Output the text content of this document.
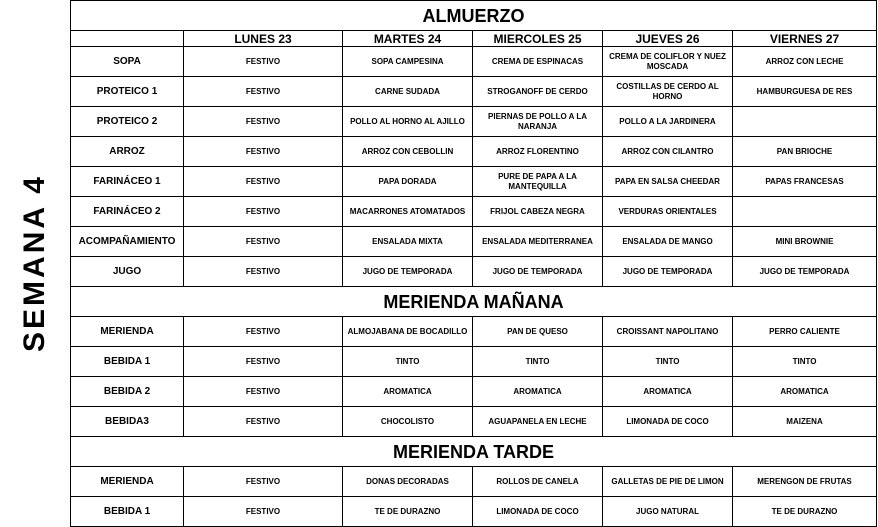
SEMANA 4
ALMUERZO					
	LUNES 23	MARTES 24	MIERCOLES 25	JUEVES 26	VIERNES 27
SOPA	FESTIVO	SOPA CAMPESINA	CREMA DE ESPINACAS	CREMA DE COLIFLOR Y NUEZ MOSCADA	ARROZ CON LECHE
PROTEICO 1	FESTIVO	CARNE SUDADA	STROGANOFF DE CERDO	COSTILLAS DE CERDO AL HORNO	HAMBURGUESA DE RES
PROTEICO 2	FESTIVO	POLLO AL HORNO AL AJILLO	PIERNAS DE POLLO A LA NARANJA	POLLO A LA JARDINERA	
ARROZ	FESTIVO	ARROZ CON CEBOLLIN	ARROZ FLORENTINO	ARROZ CON CILANTRO	PAN BRIOCHE
FARINÁCEO 1	FESTIVO	PAPA DORADA	PURE DE PAPA A LA MANTEQUILLA	PAPA EN SALSA CHEEDAR	PAPAS FRANCESAS
FARINÁCEO 2	FESTIVO	MACARRONES ATOMATADOS	FRIJOL CABEZA NEGRA	VERDURAS ORIENTALES	
ACOMPAÑAMIENTO	FESTIVO	ENSALADA MIXTA	ENSALADA MEDITERRANEA	ENSALADA DE MANGO	MINI BROWNIE
JUGO	FESTIVO	JUGO DE TEMPORADA	JUGO DE TEMPORADA	JUGO DE TEMPORADA	JUGO DE TEMPORADA
MERIENDA MAÑANA					
MERIENDA	FESTIVO	ALMOJABANA DE BOCADILLO	PAN DE QUESO	CROISSANT NAPOLITANO	PERRO CALIENTE
BEBIDA 1	FESTIVO	TINTO	TINTO	TINTO	TINTO
BEBIDA 2	FESTIVO	AROMATICA	AROMATICA	AROMATICA	AROMATICA
BEBIDA3	FESTIVO	CHOCOLISTO	AGUAPANELA EN LECHE	LIMONADA DE COCO	MAIZENA
MERIENDA TARDE					
MERIENDA	FESTIVO	DONAS DECORADAS	ROLLOS DE CANELA	GALLETAS DE PIE DE LIMON	MERENGON DE FRUTAS
BEBIDA 1	FESTIVO	TE DE DURAZNO	LIMONADA DE COCO	JUGO NATURAL	TE DE DURAZNO
